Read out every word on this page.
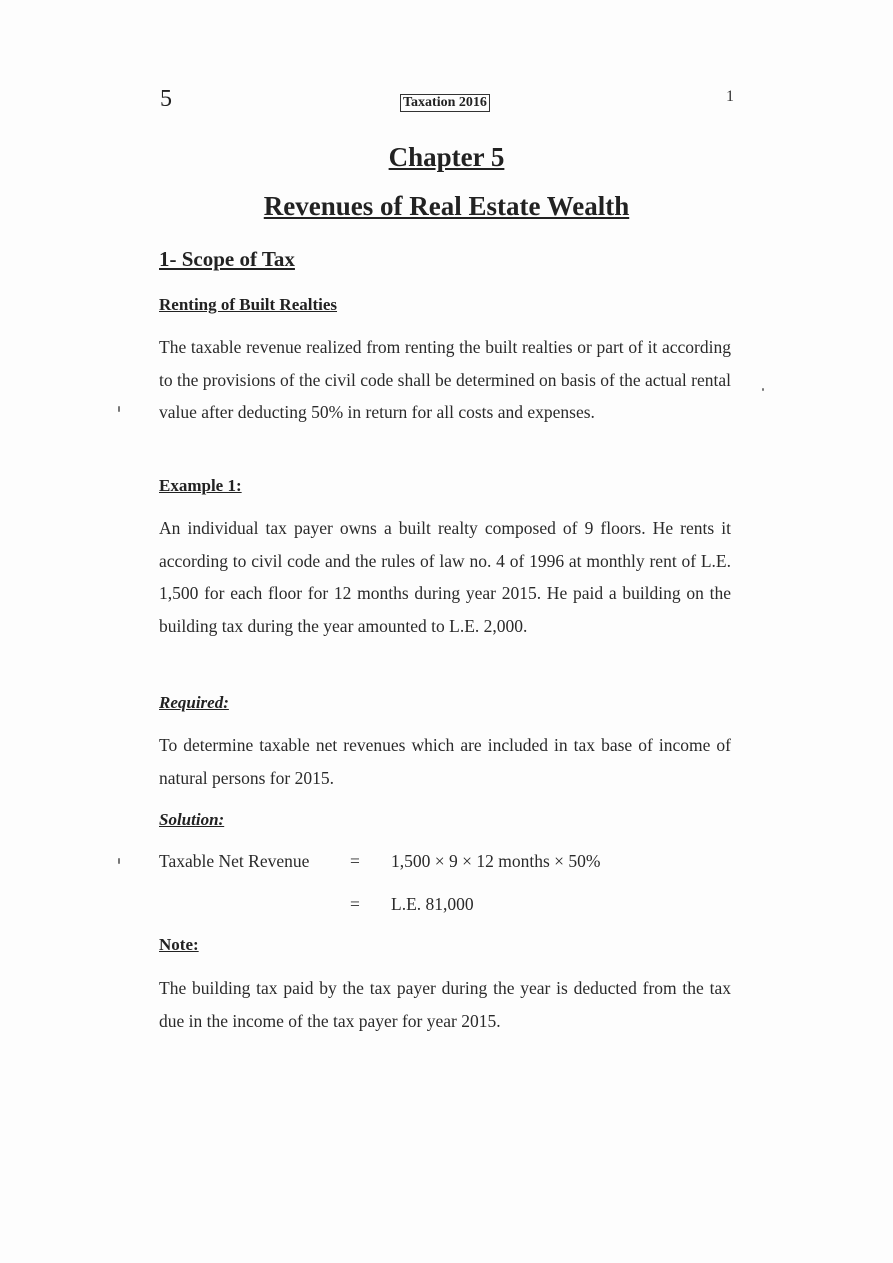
5	Taxation 2016	1
Chapter 5
Revenues of Real Estate Wealth
1- Scope of Tax
Renting of Built Realties
The taxable revenue realized from renting the built realties or part of it according to the provisions of the civil code shall be determined on basis of the actual rental value after deducting 50% in return for all costs and expenses.
Example 1:
An individual tax payer owns a built realty composed of 9 floors. He rents it according to civil code and the rules of law no. 4 of 1996 at monthly rent of L.E. 1,500 for each floor for 12 months during year 2015. He paid a building on the building tax during the year amounted to L.E. 2,000.
Required:
To determine taxable net revenues which are included in tax base of income of natural persons for 2015.
Solution:
Taxable Net Revenue = 1,500 × 9 × 12 months × 50%
= L.E. 81,000
Note:
The building tax paid by the tax payer during the year is deducted from the tax due in the income of the tax payer for year 2015.
